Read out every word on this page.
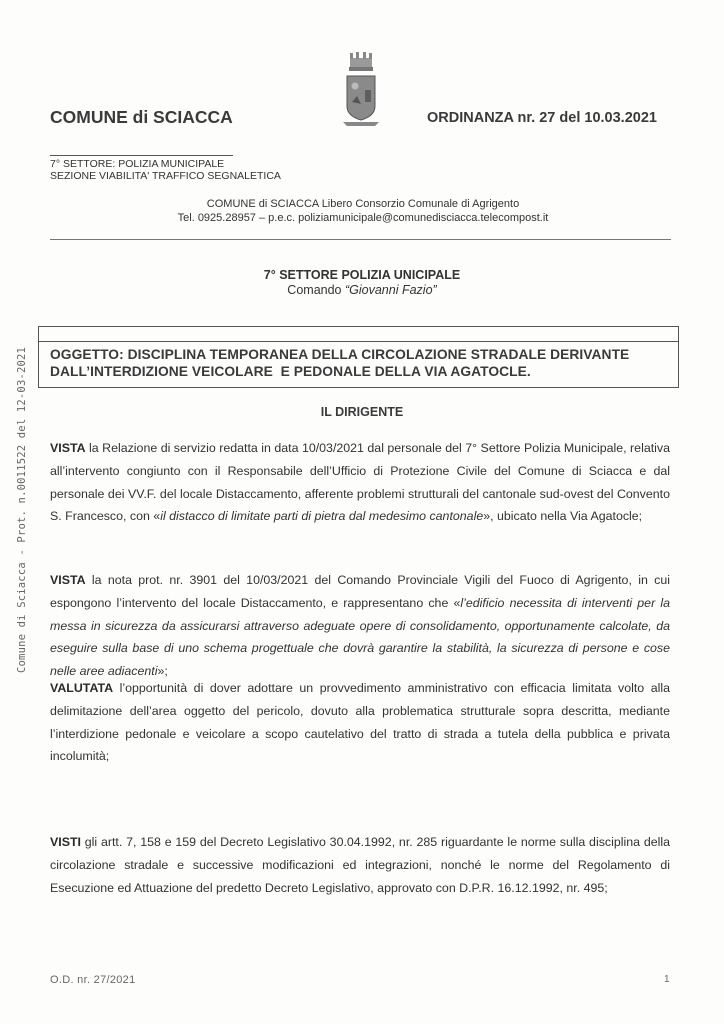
COMUNE di SCIACCA	ORDINANZA nr. 27 del 10.03.2021
7° SETTORE: POLIZIA MUNICIPALE
SEZIONE VIABILITA' TRAFFICO SEGNALETICA
COMUNE di SCIACCA Libero Consorzio Comunale di Agrigento
Tel. 0925.28957 – p.e.c. poliziamunicipale@comunedisciacca.telecompost.it
7° SETTORE POLIZIA UNICIPALE
Comando “Giovanni Fazio”
OGGETTO: DISCIPLINA TEMPORANEA DELLA CIRCOLAZIONE STRADALE DERIVANTE
DALL’INTERDIZIONE VEICOLARE  E PEDONALE DELLA VIA AGATOCLE.
IL DIRIGENTE
VISTA la Relazione di servizio redatta in data 10/03/2021 dal personale del 7° Settore Polizia Municipale, relativa all’intervento congiunto con il Responsabile dell’Ufficio di Protezione Civile del Comune di Sciacca e dal personale dei VV.F. del locale Distaccamento, afferente problemi strutturali del cantonale sud-ovest del Convento S. Francesco, con «il distacco di limitate parti di pietra dal medesimo cantonale», ubicato nella Via Agatocle;
VISTA la nota prot. nr. 3901 del 10/03/2021 del Comando Provinciale Vigili del Fuoco di Agrigento, in cui espongono l’intervento del locale Distaccamento, e rappresentano che «l’edificio necessita di interventi per la messa in sicurezza da assicurarsi attraverso adeguate opere di consolidamento, opportunamente calcolate, da eseguire sulla base di uno schema progettuale che dovrà garantire la stabilità, la sicurezza di persone e cose nelle aree adiacenti»;
VALUTATA l’opportunità di dover adottare un provvedimento amministrativo con efficacia limitata volto alla delimitazione dell’area oggetto del pericolo, dovuto alla problematica strutturale sopra descritta, mediante l’interdizione pedonale e veicolare a scopo cautelativo del tratto di strada a tutela della pubblica e privata incolumità;
VISTI gli artt. 7, 158 e 159 del Decreto Legislativo 30.04.1992, nr. 285 riguardante le norme sulla disciplina della circolazione stradale e successive modificazioni ed integrazioni, nonché le norme del Regolamento di Esecuzione ed Attuazione del predetto Decreto Legislativo, approvato con D.P.R. 16.12.1992, nr. 495;
Comune di Sciacca - Prot. n.0011522 del 12-03-2021
O.D. nr. 27/2021	1
